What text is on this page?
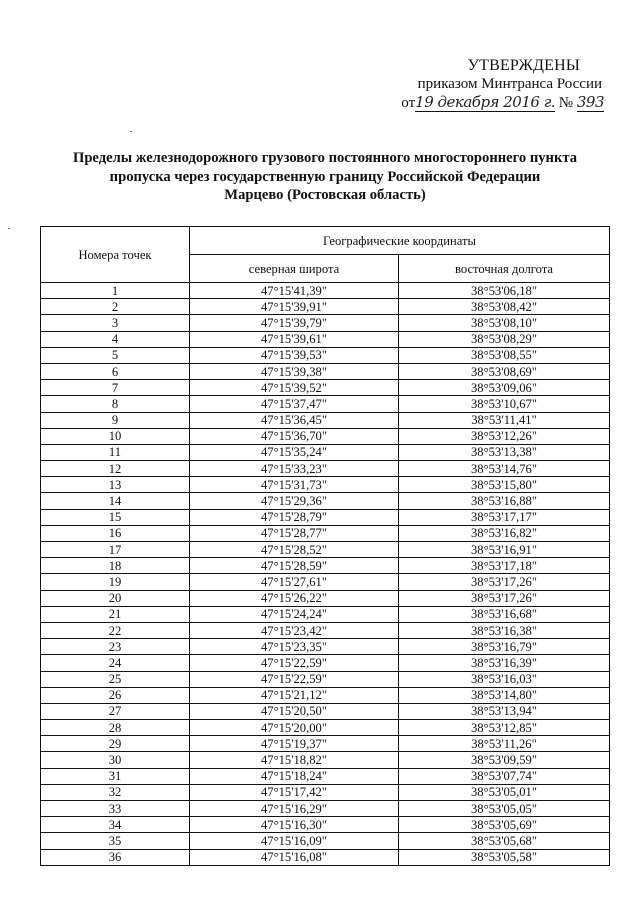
УТВЕРЖДЕНЫ
приказом Минтранса России
от19 декабря 2016 г. № 393
Пределы железнодорожного грузового постоянного многостороннего пункта
пропуска через государственную границу Российской Федерации
Марцево (Ростовская область)
Номера точек	Географические координаты	
	северная широта	восточная долгота
1	47°15'41,39"	38°53'06,18"
2	47°15'39,91"	38°53'08,42"
3	47°15'39,79"	38°53'08,10"
4	47°15'39,61"	38°53'08,29"
5	47°15'39,53"	38°53'08,55"
6	47°15'39,38"	38°53'08,69"
7	47°15'39,52"	38°53'09,06"
8	47°15'37,47"	38°53'10,67"
9	47°15'36,45"	38°53'11,41"
10	47°15'36,70"	38°53'12,26"
11	47°15'35,24"	38°53'13,38"
12	47°15'33,23"	38°53'14,76"
13	47°15'31,73"	38°53'15,80"
14	47°15'29,36"	38°53'16,88"
15	47°15'28,79"	38°53'17,17"
16	47°15'28,77"	38°53'16,82"
17	47°15'28,52"	38°53'16,91"
18	47°15'28,59"	38°53'17,18"
19	47°15'27,61"	38°53'17,26"
20	47°15'26,22"	38°53'17,26"
21	47°15'24,24"	38°53'16,68"
22	47°15'23,42"	38°53'16,38"
23	47°15'23,35"	38°53'16,79"
24	47°15'22,59"	38°53'16,39"
25	47°15'22,59"	38°53'16,03"
26	47°15'21,12"	38°53'14,80"
27	47°15'20,50"	38°53'13,94"
28	47°15'20,00"	38°53'12,85"
29	47°15'19,37"	38°53'11,26"
30	47°15'18,82"	38°53'09,59"
31	47°15'18,24"	38°53'07,74"
32	47°15'17,42"	38°53'05,01"
33	47°15'16,29"	38°53'05,05"
34	47°15'16,30"	38°53'05,69"
35	47°15'16,09"	38°53'05,68"
36	47°15'16,08"	38°53'05,58"
